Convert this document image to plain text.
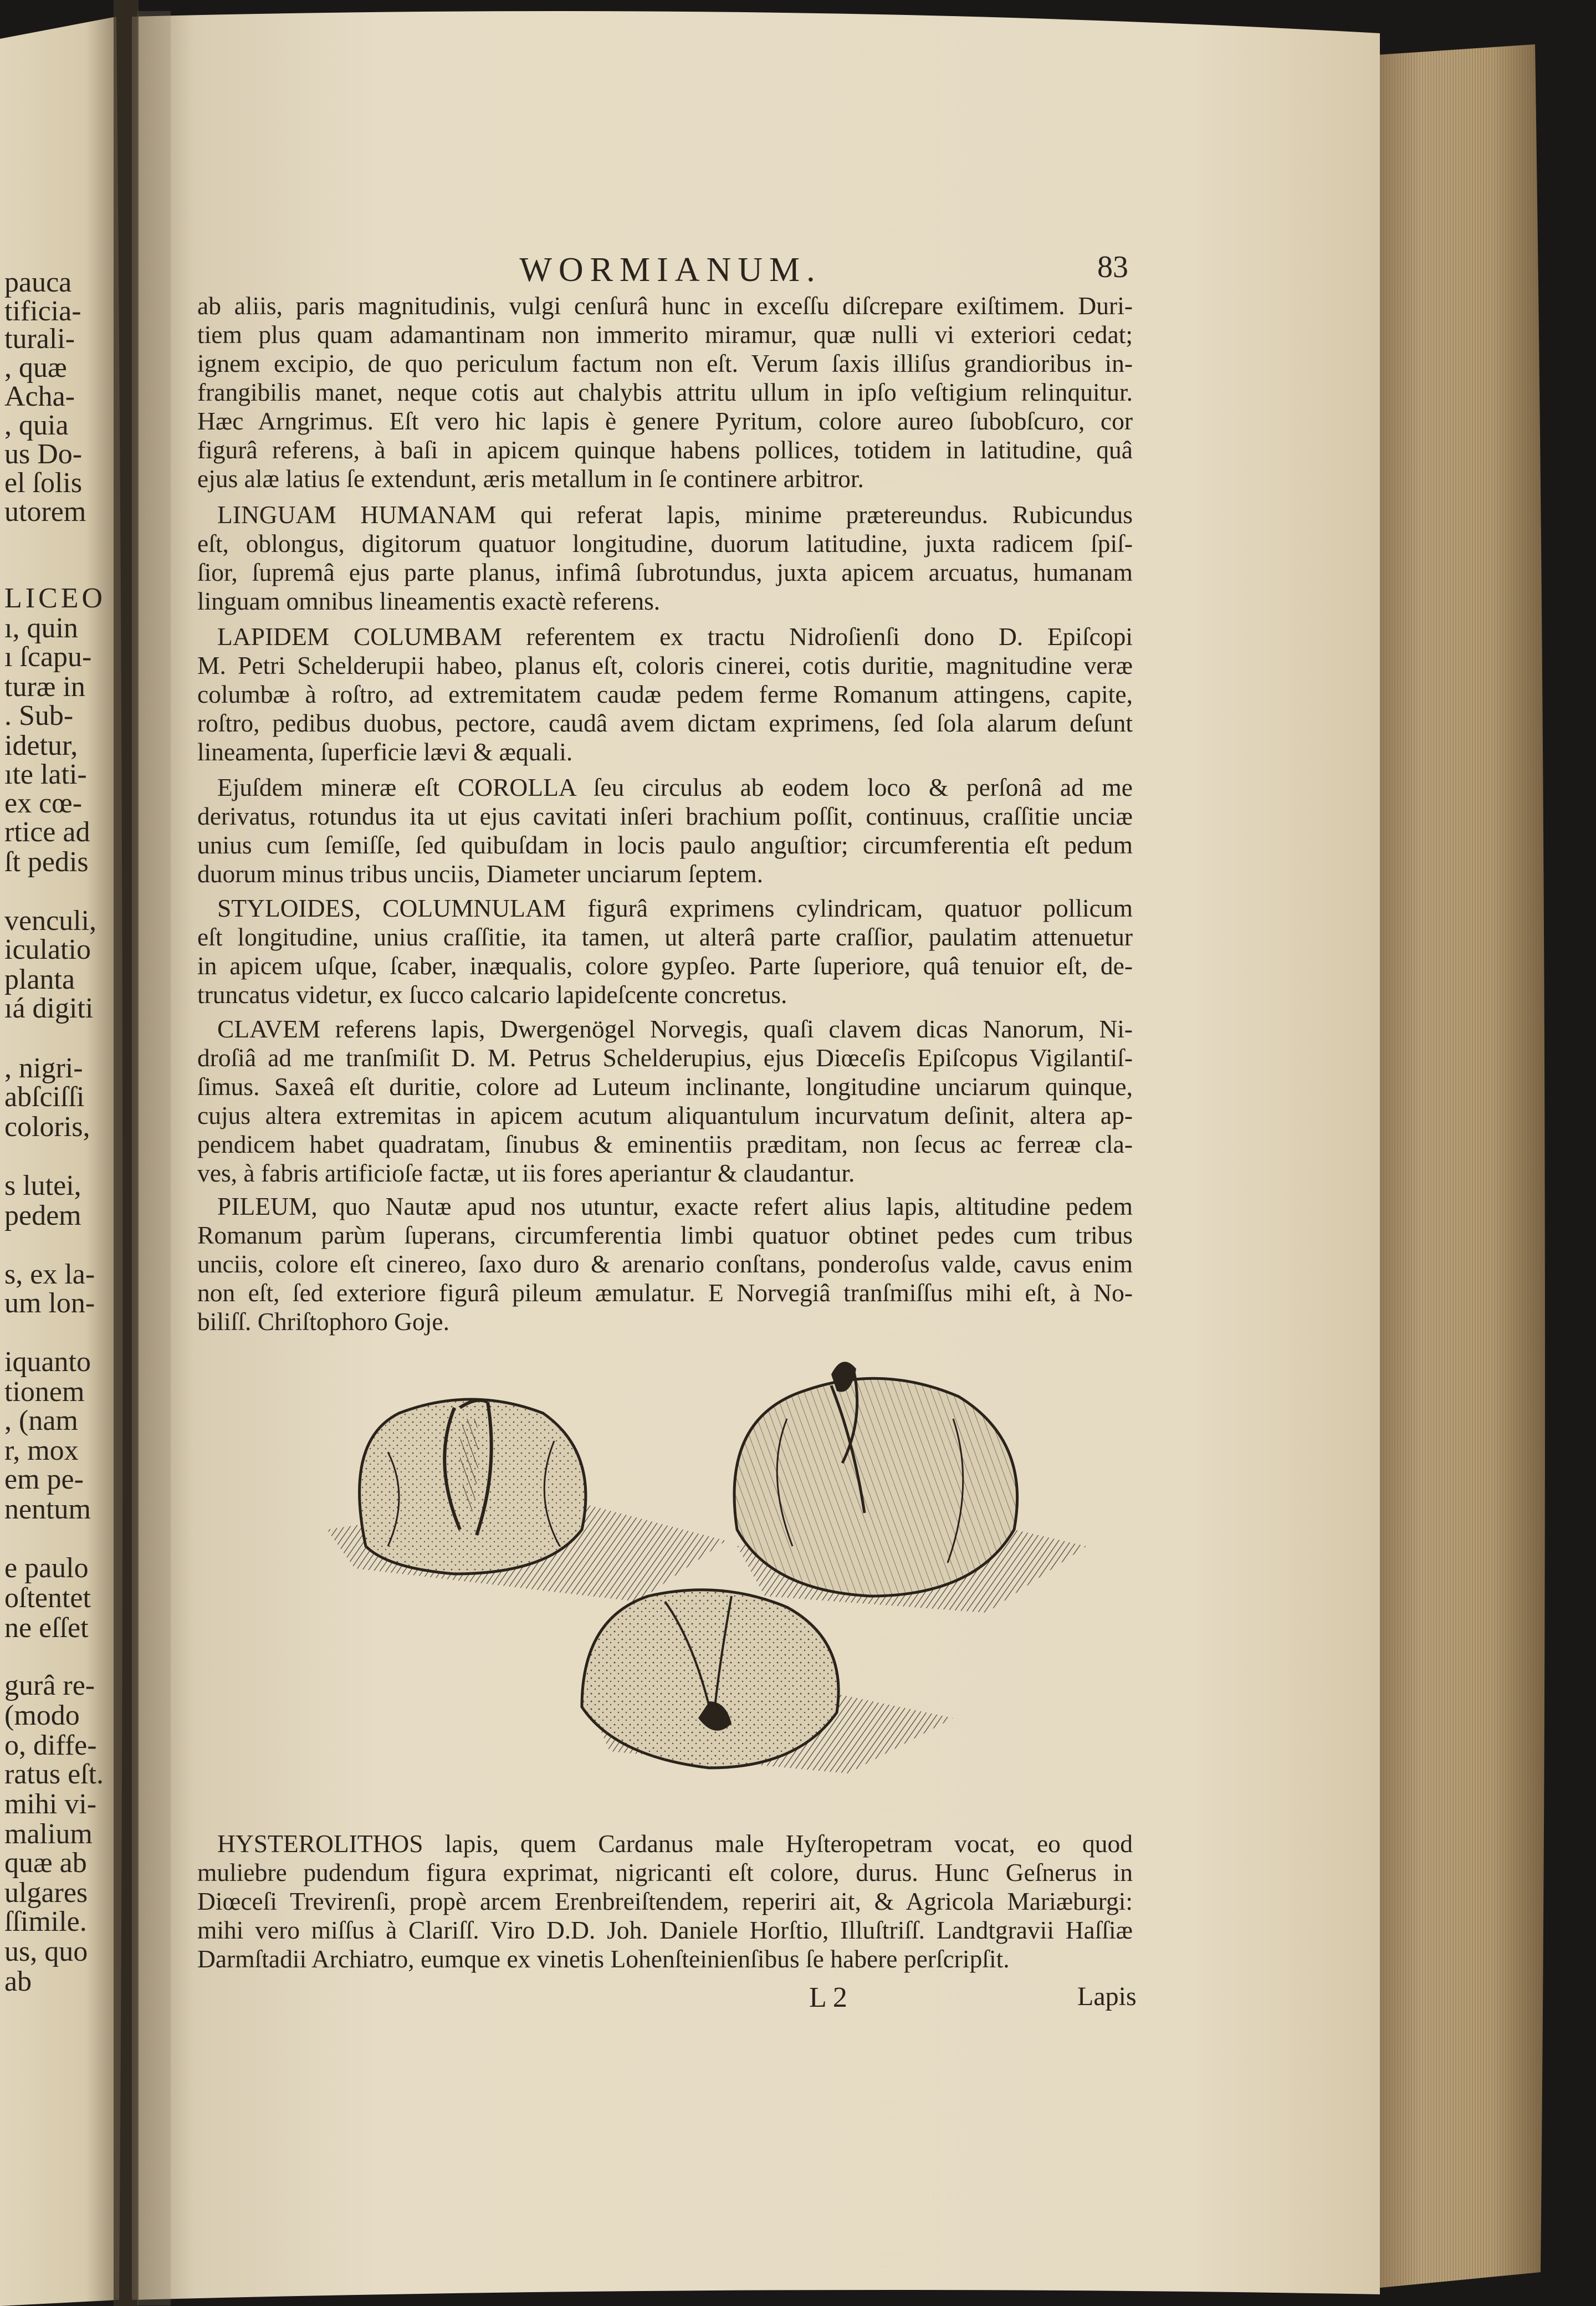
pauca
tificia-
turali-
, quæ
Acha-
, quia
us Do-
el ſolis
utorem
LICEO
ı, quin
ı ſcapu-
turæ in
. Sub-
idetur,
ıte lati-
ex cœ-
rtice ad
ſt pedis
venculi,
iculatio
planta
ıá digiti
, nigri-
abſciſſi
coloris,
s lutei,
pedem
s, ex la-
um lon-
iquanto
tionem
, (nam
r, mox
em pe-
nentum
e paulo
oſtentet
ne eſſet
gurâ re-
(modo
o, diffe-
ratus eſt.
mihi vi-
malium
quæ ab
ulgares
ſſimile.
us, quo
ab
WORMIANUM.	83
ab aliis, paris magnitudinis, vulgi cenſurâ hunc in exceſſu diſcrepare exiſtimem. Duri-
tiem plus quam adamantinam non immerito miramur, quæ nulli vi exteriori cedat;
ignem excipio, de quo periculum factum non eſt. Verum ſaxis illiſus grandioribus in-
frangibilis manet, neque cotis aut chalybis attritu ullum in ipſo veſtigium relinquitur.
Hæc Arngrimus. Eſt vero hic lapis è genere Pyritum, colore aureo ſubobſcuro, cor
figurâ referens, à baſi in apicem quinque habens pollices, totidem in latitudine, quâ
ejus alæ latius ſe extendunt, æris metallum in ſe continere arbitror.
LINGUAM HUMANAM qui referat lapis, minime prætereundus. Rubicundus
eſt, oblongus, digitorum quatuor longitudine, duorum latitudine, juxta radicem ſpiſ-
ſior, ſupremâ ejus parte planus, infimâ ſubrotundus, juxta apicem arcuatus, humanam
linguam omnibus lineamentis exactè referens.
LAPIDEM COLUMBAM referentem ex tractu Nidroſienſi dono D. Epiſcopi
M. Petri Schelderupii habeo, planus eſt, coloris cinerei, cotis duritie, magnitudine veræ
columbæ à roſtro, ad extremitatem caudæ pedem ferme Romanum attingens, capite,
roſtro, pedibus duobus, pectore, caudâ avem dictam exprimens, ſed ſola alarum deſunt
lineamenta, ſuperficie lævi & æquali.
Ejuſdem mineræ eſt COROLLA ſeu circulus ab eodem loco & perſonâ ad me
derivatus, rotundus ita ut ejus cavitati inſeri brachium poſſit, continuus, craſſitie unciæ
unius cum ſemiſſe, ſed quibuſdam in locis paulo anguſtior; circumferentia eſt pedum
duorum minus tribus unciis, Diameter unciarum ſeptem.
STYLOIDES, COLUMNULAM figurâ exprimens cylindricam, quatuor pollicum
eſt longitudine, unius craſſitie, ita tamen, ut alterâ parte craſſior, paulatim attenuetur
in apicem uſque, ſcaber, inæqualis, colore gypſeo. Parte ſuperiore, quâ tenuior eſt, de-
truncatus videtur, ex ſucco calcario lapideſcente concretus.
CLAVEM referens lapis, Dwergenögel Norvegis, quaſi clavem dicas Nanorum, Ni-
droſiâ ad me tranſmiſit D. M. Petrus Schelderupius, ejus Diœceſis Epiſcopus Vigilantiſ-
ſimus. Saxeâ eſt duritie, colore ad Luteum inclinante, longitudine unciarum quinque,
cujus altera extremitas in apicem acutum aliquantulum incurvatum deſinit, altera ap-
pendicem habet quadratam, ſinubus & eminentiis præditam, non ſecus ac ferreæ cla-
ves, à fabris artificioſe factæ, ut iis fores aperiantur & claudantur.
PILEUM, quo Nautæ apud nos utuntur, exacte refert alius lapis, altitudine pedem
Romanum parùm ſuperans, circumferentia limbi quatuor obtinet pedes cum tribus
unciis, colore eſt cinereo, ſaxo duro & arenario conſtans, ponderoſus valde, cavus enim
non eſt, ſed exteriore figurâ pileum æmulatur. E Norvegiâ tranſmiſſus mihi eſt, à No-
biliſſ. Chriſtophoro Goje.
HYSTEROLITHOS lapis, quem Cardanus male Hyſteropetram vocat, eo quod
muliebre pudendum figura exprimat, nigricanti eſt colore, durus. Hunc Geſnerus in
Diœceſi Trevirenſi, propè arcem Erenbreiſtendem, reperiri ait, & Agricola Mariæburgi:
mihi vero miſſus à Clariſſ. Viro D.D. Joh. Daniele Horſtio, Illuſtriſſ. Landtgravii Haſſiæ
Darmſtadii Archiatro, eumque ex vinetis Lohenſteinienſibus ſe habere perſcripſit.
L 2	Lapis
